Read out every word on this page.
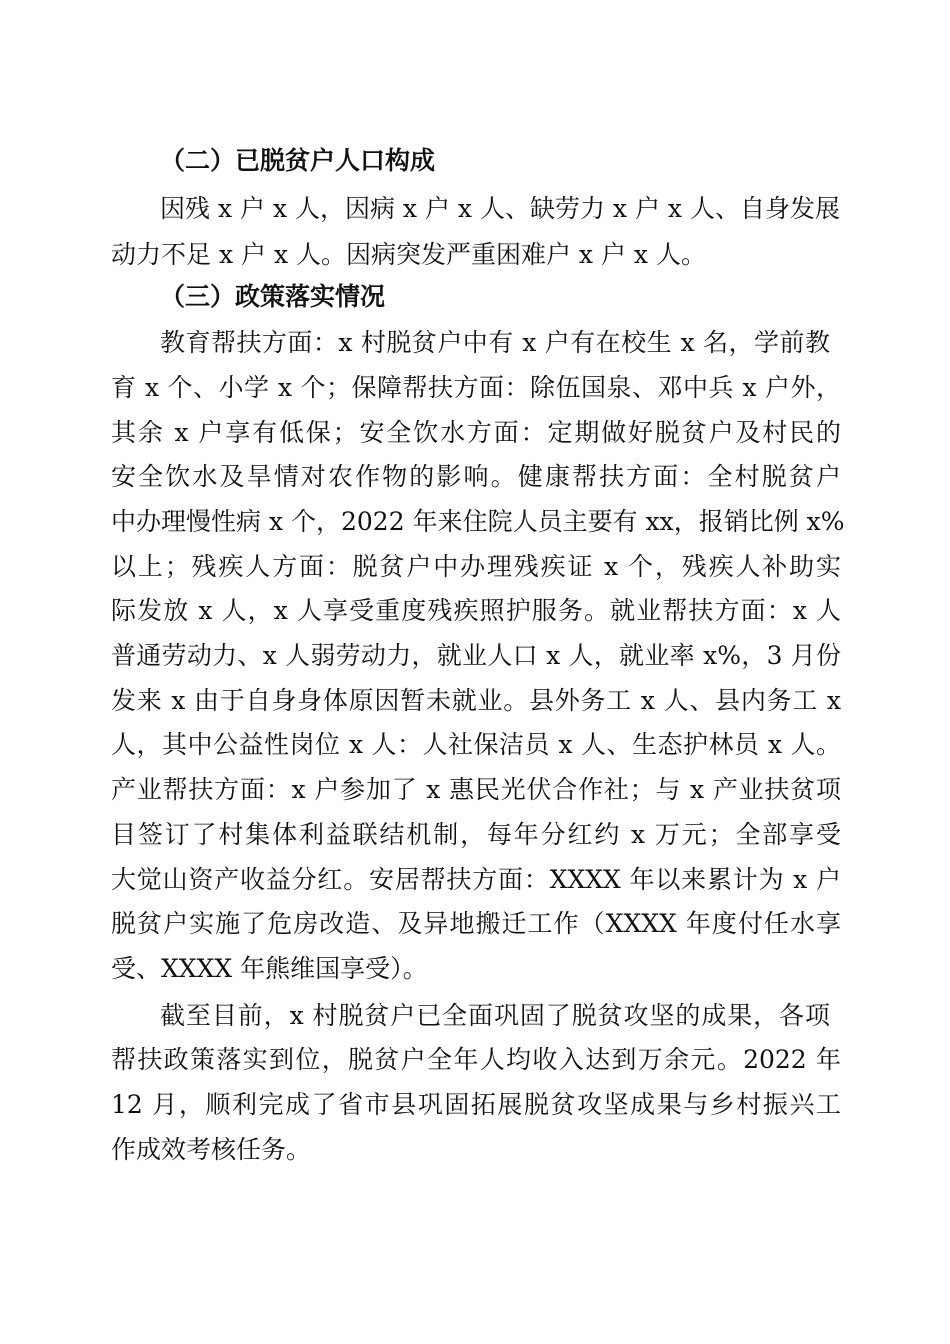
（二）已脱贫户人口构成
因残 x 户 x 人，因病 x 户 x 人、缺劳力 x 户 x 人、自身发展
动力不足 x 户 x 人。因病突发严重困难户 x 户 x 人。
（三）政策落实情况
教育帮扶方面：x 村脱贫户中有 x 户有在校生 x 名，学前教
育 x 个、小学 x 个；保障帮扶方面：除伍国泉、邓中兵 x 户外，
其余 x 户享有低保；安全饮水方面：定期做好脱贫户及村民的
安全饮水及旱情对农作物的影响。健康帮扶方面：全村脱贫户
中办理慢性病 x 个，2022 年来住院人员主要有 xx，报销比例 x%
以上；残疾人方面：脱贫户中办理残疾证 x 个，残疾人补助实
际发放 x 人，x 人享受重度残疾照护服务。就业帮扶方面：x 人
普通劳动力、x 人弱劳动力，就业人口 x 人，就业率 x%，3 月份
发来 x 由于自身身体原因暂未就业。县外务工 x 人、县内务工 x
人，其中公益性岗位 x 人：人社保洁员 x 人、生态护林员 x 人。
产业帮扶方面：x 户参加了 x 惠民光伏合作社；与 x 产业扶贫项
目签订了村集体利益联结机制，每年分红约 x 万元；全部享受
大觉山资产收益分红。安居帮扶方面：XXXX 年以来累计为 x 户
脱贫户实施了危房改造、及异地搬迁工作（XXXX 年度付任水享
受、XXXX 年熊维国享受）。
截至目前，x 村脱贫户已全面巩固了脱贫攻坚的成果，各项
帮扶政策落实到位，脱贫户全年人均收入达到万余元。2022 年
12 月，顺利完成了省市县巩固拓展脱贫攻坚成果与乡村振兴工
作成效考核任务。
